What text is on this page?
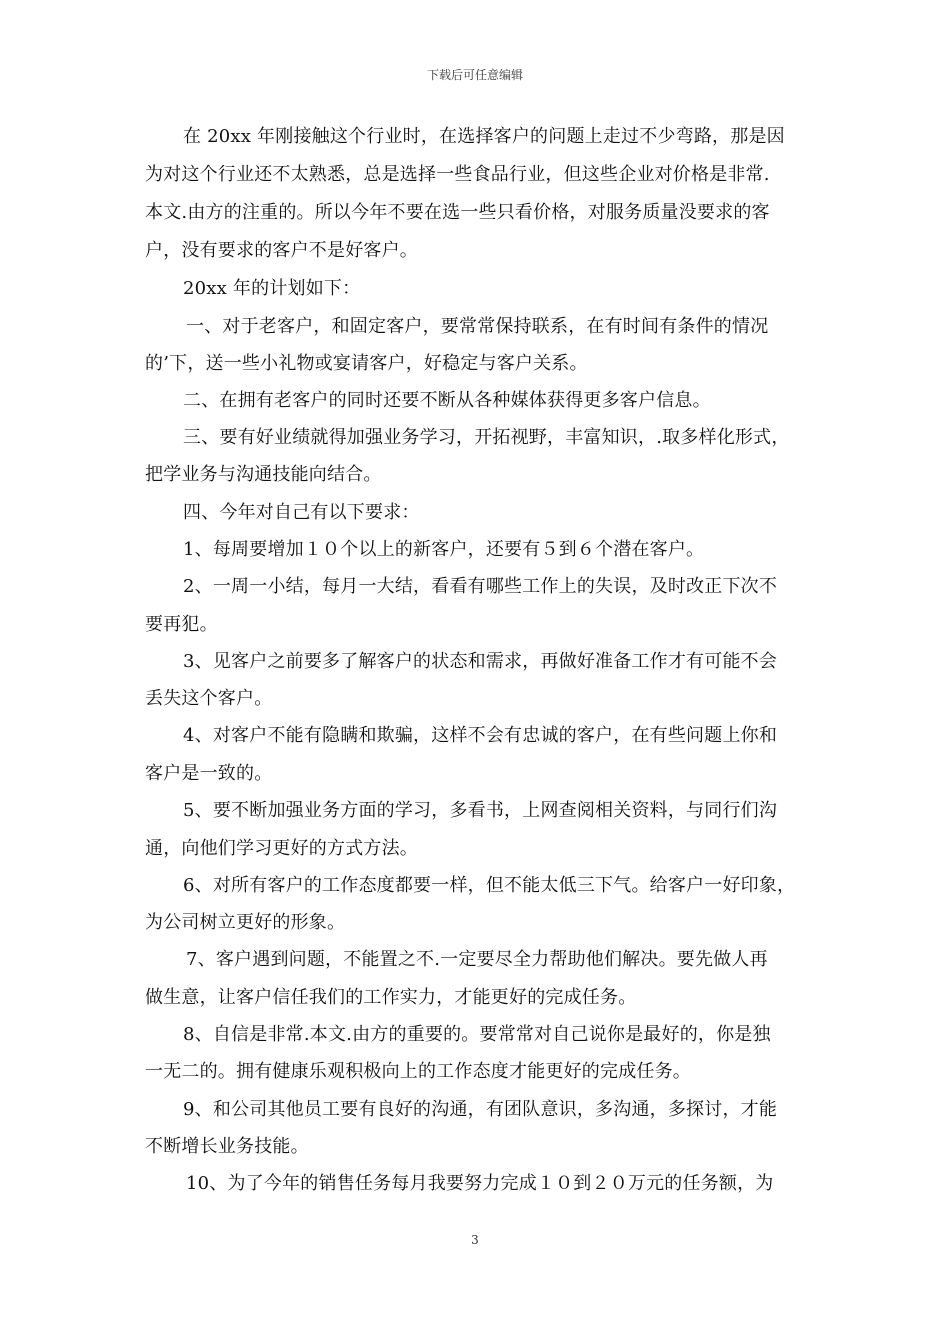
下载后可任意编辑
在 20xx 年刚接触这个行业时，在选择客户的问题上走过不少弯路，那是因
为对这个行业还不太熟悉，总是选择一些食品行业，但这些企业对价格是非常.
本文.由方的注重的。所以今年不要在选一些只看价格，对服务质量没要求的客
户，没有要求的客户不是好客户。
20xx 年的计划如下：
一、对于老客户，和固定客户，要常常保持联系，在有时间有条件的情况
的’下，送一些小礼物或宴请客户，好稳定与客户关系。
二、在拥有老客户的同时还要不断从各种媒体获得更多客户信息。
三、要有好业绩就得加强业务学习，开拓视野，丰富知识，.取多样化形式，
把学业务与沟通技能向结合。
四、今年对自己有以下要求：
1、每周要增加１０个以上的新客户，还要有５到６个潜在客户。
2、一周一小结，每月一大结，看看有哪些工作上的失误，及时改正下次不
要再犯。
3、见客户之前要多了解客户的状态和需求，再做好准备工作才有可能不会
丢失这个客户。
4、对客户不能有隐瞒和欺骗，这样不会有忠诚的客户，在有些问题上你和
客户是一致的。
5、要不断加强业务方面的学习，多看书，上网查阅相关资料，与同行们沟
通，向他们学习更好的方式方法。
6、对所有客户的工作态度都要一样，但不能太低三下气。给客户一好印象，
为公司树立更好的形象。
7、客户遇到问题，不能置之不.一定要尽全力帮助他们解决。要先做人再
做生意，让客户信任我们的工作实力，才能更好的完成任务。
8、自信是非常.本文.由方的重要的。要常常对自己说你是最好的，你是独
一无二的。拥有健康乐观积极向上的工作态度才能更好的完成任务。
9、和公司其他员工要有良好的沟通，有团队意识，多沟通，多探讨，才能
不断增长业务技能。
10、为了今年的销售任务每月我要努力完成１０到２０万元的任务额，为
3
